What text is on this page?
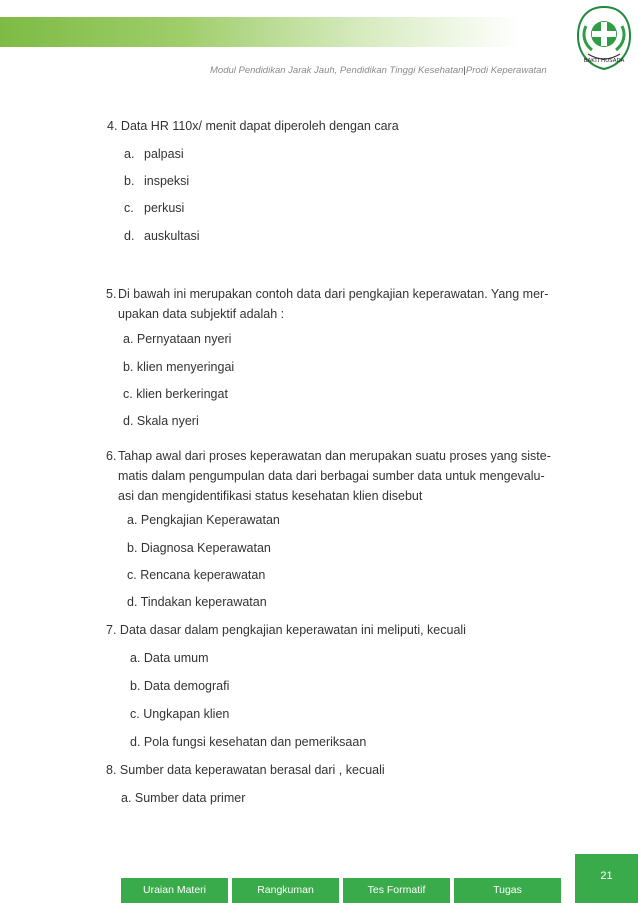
BAKTI HUSADA
Modul Pendidikan Jarak Jauh, Pendidikan Tinggi Kesehatan|Prodi Keperawatan
4. Data HR 110x/ menit dapat diperoleh dengan cara
a. palpasi
b. inspeksi
c. perkusi
d. auskultasi
5. Di bawah ini merupakan contoh data dari pengkajian keperawatan. Yang mer-
upakan data subjektif adalah :
a. Pernyataan nyeri
b. klien menyeringai
c. klien berkeringat
d. Skala nyeri
6. Tahap awal dari proses keperawatan dan merupakan suatu proses yang siste-
matis dalam pengumpulan data dari berbagai sumber data untuk mengevalu-
asi dan mengidentifikasi status kesehatan klien disebut
a. Pengkajian Keperawatan
b. Diagnosa Keperawatan
c. Rencana keperawatan
d. Tindakan keperawatan
7. Data dasar dalam pengkajian keperawatan ini meliputi, kecuali
a. Data umum
b. Data demografi
c. Ungkapan klien
d. Pola fungsi kesehatan dan pemeriksaan
8. Sumber data keperawatan berasal dari , kecuali
a. Sumber data primer
21
Uraian Materi	Rangkuman	Tes Formatif	Tugas
